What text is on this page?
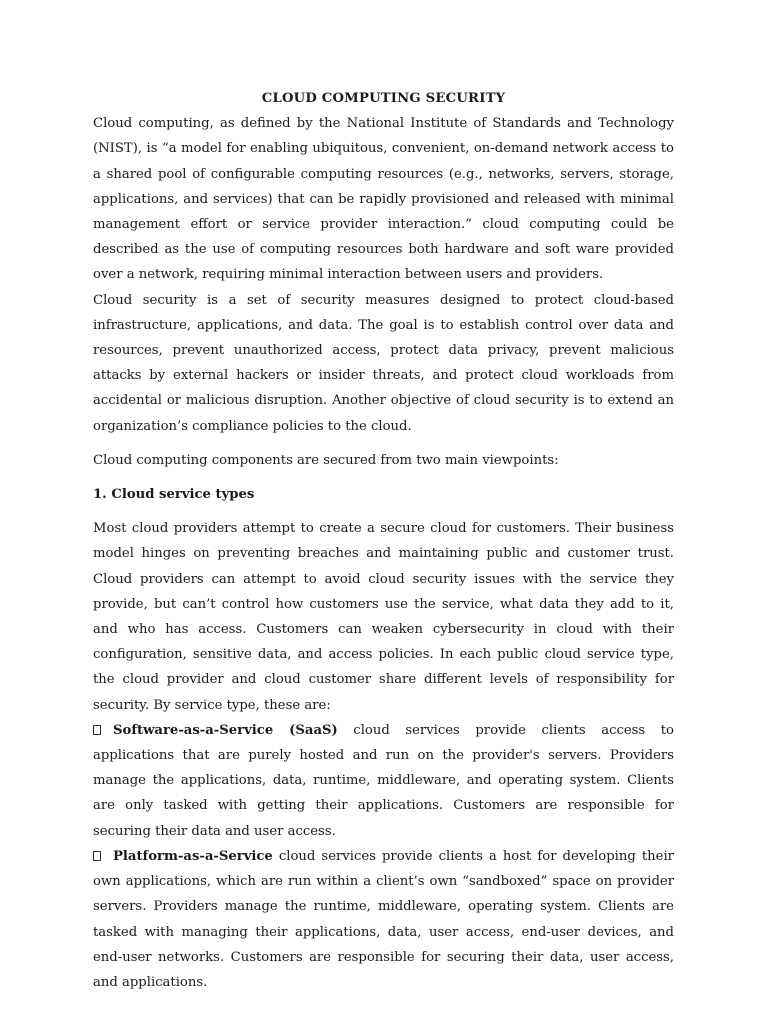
CLOUD COMPUTING SECURITY

Cloud computing, as defined by the National Institute of Standards and Technology (NIST), is “a model for enabling ubiquitous, convenient, on-demand network access to a shared pool of configurable computing resources (e.g., networks, servers, storage, applications, and services) that can be rapidly provisioned and released with minimal management effort or service provider interaction.” cloud computing could be described as the use of computing resources both hardware and soft ware provided over a network, requiring minimal interaction between users and providers.

Cloud security is a set of security measures designed to protect cloud-based infrastructure, applications, and data. The goal is to establish control over data and resources, prevent unauthorized access, protect data privacy, prevent malicious attacks by external hackers or insider threats, and protect cloud workloads from accidental or malicious disruption. Another objective of cloud security is to extend an organization’s compliance policies to the cloud.

Cloud computing components are secured from two main viewpoints:

1. Cloud service types

Most cloud providers attempt to create a secure cloud for customers. Their business model hinges on preventing breaches and maintaining public and customer trust. Cloud providers can attempt to avoid cloud security issues with the service they provide, but can’t control how customers use the service, what data they add to it, and who has access. Customers can weaken cybersecurity in cloud with their configuration, sensitive data, and access policies. In each public cloud service type, the cloud provider and cloud customer share different levels of responsibility for security. By service type, these are:

Software-as-a-Service (SaaS) cloud services provide clients access to applications that are purely hosted and run on the provider's servers. Providers manage the applications, data, runtime, middleware, and operating system. Clients are only tasked with getting their applications. Customers are responsible for securing their data and user access.

Platform-as-a-Service cloud services provide clients a host for developing their own applications, which are run within a client’s own “sandboxed” space on provider servers. Providers manage the runtime, middleware, operating system. Clients are tasked with managing their applications, data, user access, end-user devices, and end-user networks. Customers are responsible for securing their data, user access, and applications.
